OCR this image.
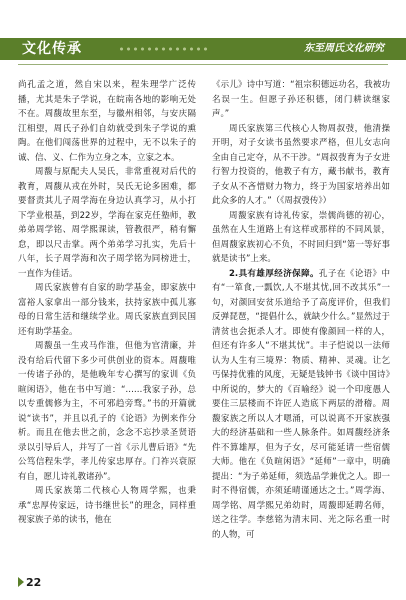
文化传承	东至周氏文化研究

尚孔孟之道，然自宋以来，程朱理学广泛传播，尤其是朱子学说，在皖南各地的影响无处不在。周馥故里东至，与徽州相邻，与安庆隔江相望，周氏子孙们自幼就受到朱子学说的熏陶。在他们闯荡世界的过程中，无不以朱子的诚、信、义、仁作为立身之本，立家之本。

周馥与原配夫人吴氏，非常重视对后代的教育，周馥从戎在外时，吴氏无论多困难，都要督责其儿子周学海在身边认真学习，从小打下学业根基，到22岁，学海在家克任塾师，教弟弟周学铭、周学熙课读，管教很严，稍有懈怠，即以尺击掌。两个弟弟学习扎实，先后十八年，长子周学海和次子周学铭为同榜进士，一直作为佳话。

周氏家族曾有自家的助学基金，即家族中富裕人家拿出一部分钱来，扶持家族中孤儿寡母的日常生活和继续学业。周氏家族直到民国还有助学基金。

周馥虽一生戎马作淮，但他为官清廉，并没有给后代留下多少可供创业的资本。周馥唯一传诸子孙的，是他晚年专心撰写的家训《负暄闲语》，他在书中写道：“……我家子孙，总以专重儒修为主，不可邪趋旁骛。”书的开篇就说“读书”，并且以孔子的《论语》为例来作分析。而且在他去世之前，念念不忘抄录圣贤语录以引导后人，并写了一首《示儿曹后语》“先公笃信程朱学，孝儿传家忠厚存。门祚兴衰原有自，愿儿诗礼教诸孙”。

周氏家族第二代核心人物周学熙，也秉承“忠厚传家远，诗书继世长”的理念，同样重视家族子弟的读书，他在

《示儿》诗中写道：“祖宗积德远功名，我被功名误一生。但愿子孙还积德，闭门耕读继家声。”

周氏家族第三代核心人物周叔弢，他清操开明，对子女读书虽然要求严格，但儿女志向全由自己定夺，从不干涉。“周叔弢育为子女进行智力投资的，他教子有方，藏书献书，教育子女从不吝惜财力物力，终于为国家培养出如此众多的人才。”（《周叔弢传》）

周馥家族有诗礼传家，崇儒尚德的初心，虽然在人生道路上有这样或那样的不同风景，但周馥家族初心不负，不时回归到“第一等好事就是读书”上来。

2.具有雄厚经济保障。孔子在《论语》中有“一箪食,一瓢饮,人不堪其忧,回不改其乐”一句，对颜回安贫乐道给予了高度评价，但我们反弹琵琶，“提倡什么，就缺少什么。”显然过于清贫也会扼杀人才。即使有像颜回一样的人，但还有许多人“不堪其忧”。丰子恺说以一法师认为人生有三境界：物质、精神、灵魂。让乞丐保持优雅的风度，无疑是钱钟书《谈中国诗》中所说的，梦大的《百喻经》说一个印度愚人要住三层楼而不许匠人造底下两层的滑稽。周馥家族之所以人才嗯涌，可以说离不开家族强大的经济基础和一些人脉条件。如周馥经济条件不算雄厚，但为子女，尽可能延请一些宿儒大师。他在《负暄闲语》“延师”一章中，明确提出：“为子弟延师，须选品学兼优之人。即一时不得宿儒，亦须延晴谨通达之士。”周学海、周学铭、周学熙兄弟幼时，周馥即延聘名师，送之往学。李慈铭为清末同、光之际名重一时的人物，可

22
